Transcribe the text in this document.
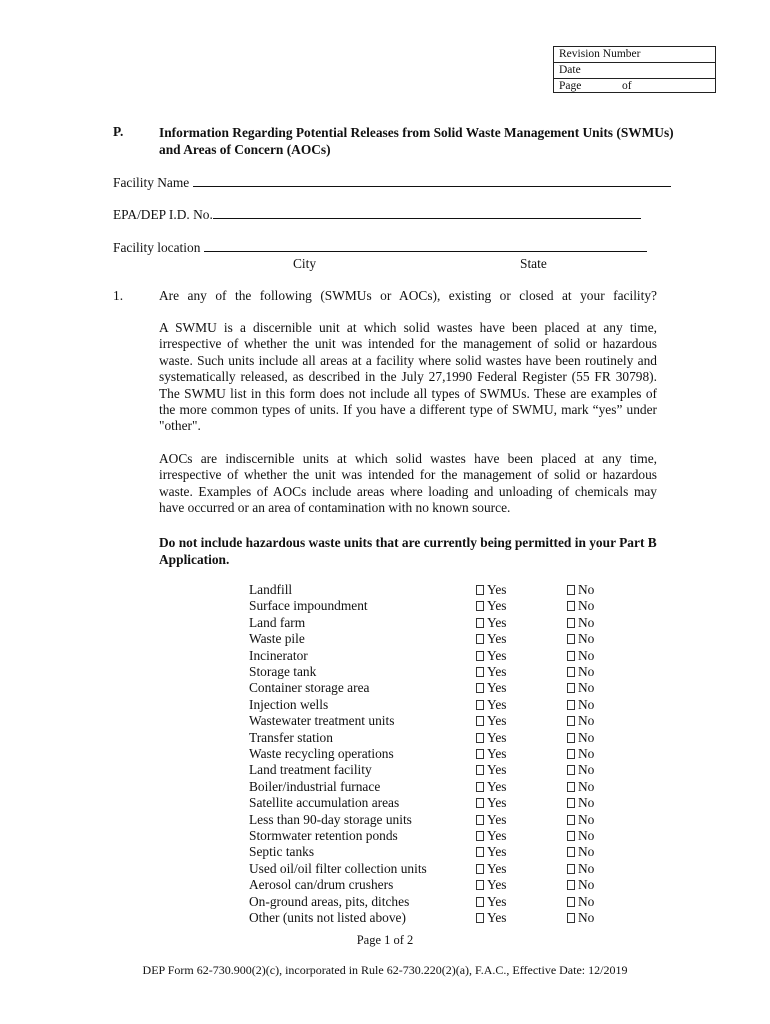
Revision Number
Date
Page	of
P.	Information Regarding Potential Releases from Solid Waste Management Units (SWMUs) and Areas of Concern (AOCs)
Facility Name
EPA/DEP I.D. No.
Facility location
City	State
1.	Are any of the following (SWMUs or AOCs), existing or closed at your facility?
A SWMU is a discernible unit at which solid wastes have been placed at any time, irrespective of whether the unit was intended for the management of solid or hazardous waste. Such units include all areas at a facility where solid wastes have been routinely and systematically released, as described in the July 27,1990 Federal Register (55 FR 30798). The SWMU list in this form does not include all types of SWMUs. These are examples of the more common types of units. If you have a different type of SWMU, mark “yes” under "other".
AOCs are indiscernible units at which solid wastes have been placed at any time, irrespective of whether the unit was intended for the management of solid or hazardous waste. Examples of AOCs include areas where loading and unloading of chemicals may have occurred or an area of contamination with no known source.
Do not include hazardous waste units that are currently being permitted in your Part B Application.
Landfill	Yes	No
Surface impoundment	Yes	No
Land farm	Yes	No
Waste pile	Yes	No
Incinerator	Yes	No
Storage tank	Yes	No
Container storage area	Yes	No
Injection wells	Yes	No
Wastewater treatment units	Yes	No
Transfer station	Yes	No
Waste recycling operations	Yes	No
Land treatment facility	Yes	No
Boiler/industrial furnace	Yes	No
Satellite accumulation areas	Yes	No
Less than 90-day storage units	Yes	No
Stormwater retention ponds	Yes	No
Septic tanks	Yes	No
Used oil/oil filter collection units	Yes	No
Aerosol can/drum crushers	Yes	No
On-ground areas, pits, ditches	Yes	No
Other (units not listed above)	Yes	No
Page 1 of 2
DEP Form 62-730.900(2)(c), incorporated in Rule 62-730.220(2)(a), F.A.C., Effective Date: 12/2019
